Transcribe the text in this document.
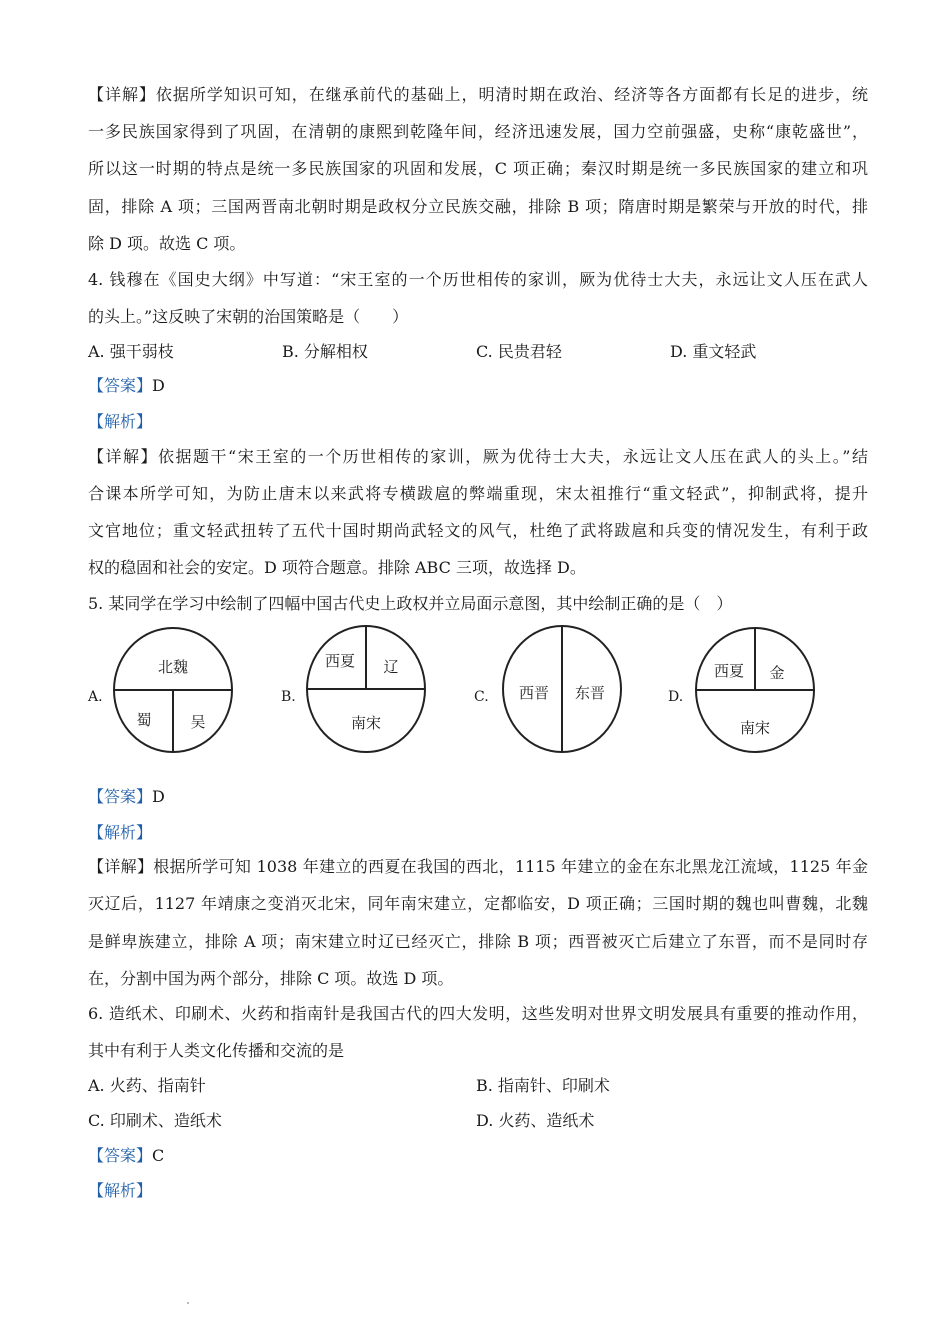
【详解】依据所学知识可知，在继承前代的基础上，明清时期在政治、经济等各方面都有长足的进步，统
一多民族国家得到了巩固，在清朝的康熙到乾隆年间，经济迅速发展，国力空前强盛，史称“康乾盛世”，
所以这一时期的特点是统一多民族国家的巩固和发展，C 项正确；秦汉时期是统一多民族国家的建立和巩
固，排除 A 项；三国两晋南北朝时期是政权分立民族交融，排除 B 项；隋唐时期是繁荣与开放的时代，排
除 D 项。故选 C 项。
4. 钱穆在《国史大纲》中写道：“宋王室的一个历世相传的家训，厥为优待士大夫，永远让文人压在武人
的头上。”这反映了宋朝的治国策略是（　　）
A. 强干弱枝	B. 分解相权	C. 民贵君轻	D. 重文轻武
【答案】D
【解析】
【详解】依据题干“宋王室的一个历世相传的家训，厥为优待士大夫，永远让文人压在武人的头上。”结
合课本所学可知，为防止唐末以来武将专横跋扈的弊端重现，宋太祖推行“重文轻武”，抑制武将，提升
文官地位；重文轻武扭转了五代十国时期尚武轻文的风气，杜绝了武将跋扈和兵变的情况发生，有利于政
权的稳固和社会的安定。D 项符合题意。排除 ABC 三项，故选择 D。
5. 某同学在学习中绘制了四幅中国古代史上政权并立局面示意图，其中绘制正确的是（　）
A.
北魏
蜀	吴
B.
西夏 辽
南宋
C. 西晋 东晋	D.
西夏 金
南宋
【答案】D
【解析】
【详解】根据所学可知 1038 年建立的西夏在我国的西北，1115 年建立的金在东北黑龙江流域，1125 年金
灭辽后，1127 年靖康之变消灭北宋，同年南宋建立，定都临安，D 项正确；三国时期的魏也叫曹魏，北魏
是鲜卑族建立，排除 A 项；南宋建立时辽已经灭亡，排除 B 项；西晋被灭亡后建立了东晋，而不是同时存
在，分割中国为两个部分，排除 C 项。故选 D 项。
6. 造纸术、印刷术、火药和指南针是我国古代的四大发明，这些发明对世界文明发展具有重要的推动作用，
其中有利于人类文化传播和交流的是
A. 火药、指南针	B. 指南针、印刷术
C. 印刷术、造纸术	D. 火药、造纸术
【答案】C
【解析】
